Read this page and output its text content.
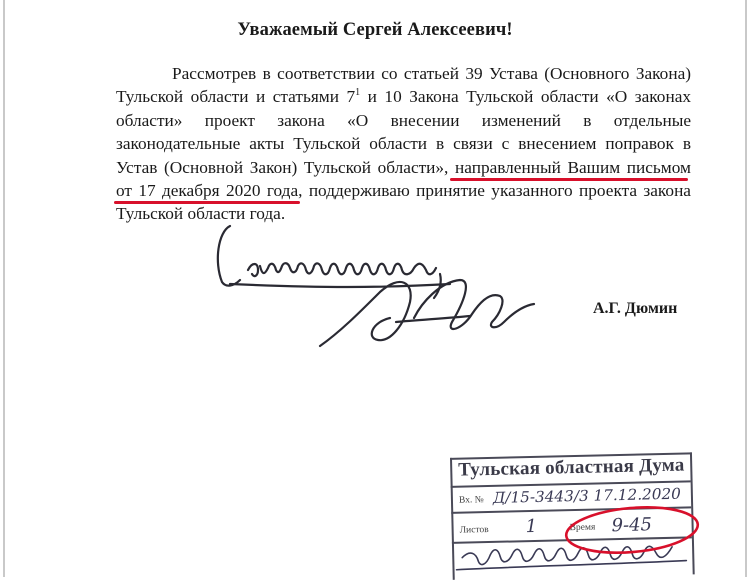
Уважаемый Сергей Алексеевич!
Рассмотрев в соответствии со статьей 39 Устава (Основного Закона) Тульской области и статьями $7^1$ и 10 Закона Тульской области «О законах области» проект закона «О внесении изменений в отдельные законодательные акты Тульской области в связи с внесением поправок в Устав (Основной Закон) Тульской области», направленный Вашим письмом от 17 декабря 2020 года, поддерживаю принятие указанного проекта закона Тульской области года.
А.Г. Дюмин
Тульская областная Дума
Вх. №
Листов	Время
Д/15-3443/3 17.12.2020
1	9-45
